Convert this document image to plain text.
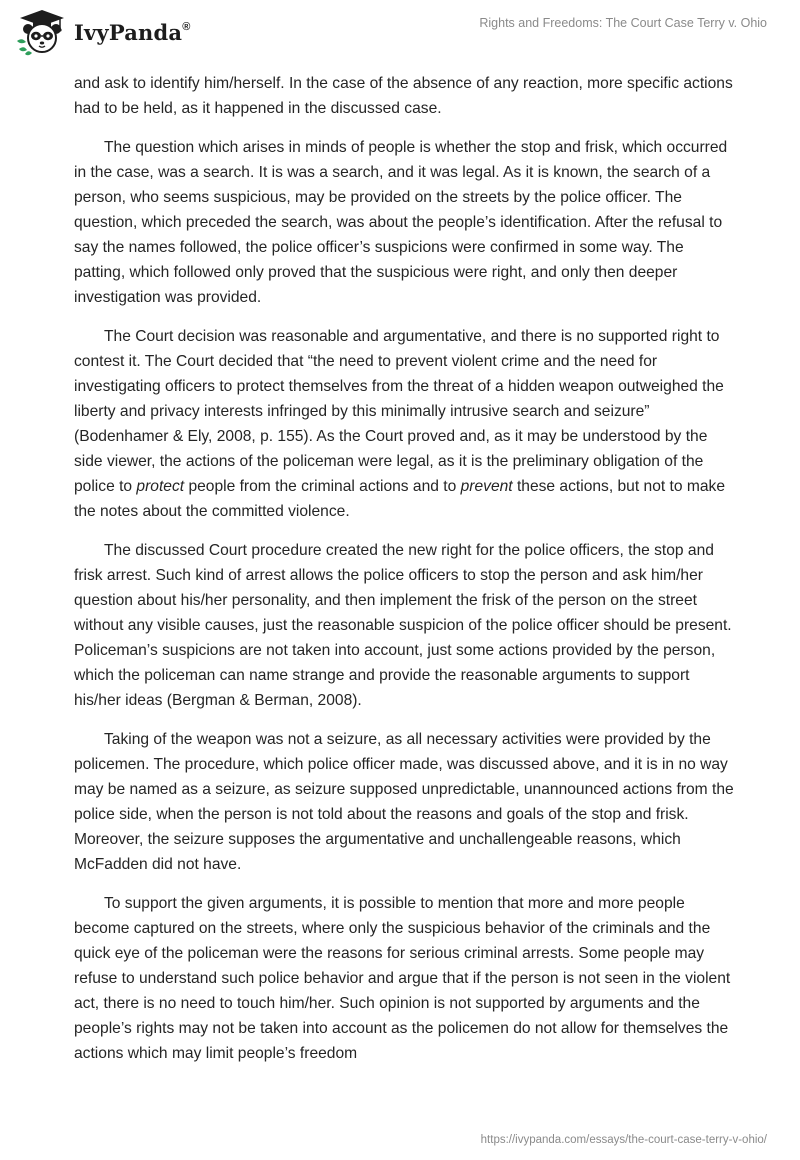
IvyPanda®	Rights and Freedoms: The Court Case Terry v. Ohio

and ask to identify him/herself. In the case of the absence of any reaction, more specific actions had to be held, as it happened in the discussed case.

The question which arises in minds of people is whether the stop and frisk, which occurred in the case, was a search. It is was a search, and it was legal. As it is known, the search of a person, who seems suspicious, may be provided on the streets by the police officer. The question, which preceded the search, was about the people’s identification. After the refusal to say the names followed, the police officer’s suspicions were confirmed in some way. The patting, which followed only proved that the suspicious were right, and only then deeper investigation was provided.

The Court decision was reasonable and argumentative, and there is no supported right to contest it. The Court decided that “the need to prevent violent crime and the need for investigating officers to protect themselves from the threat of a hidden weapon outweighed the liberty and privacy interests infringed by this minimally intrusive search and seizure” (Bodenhamer & Ely, 2008, p. 155). As the Court proved and, as it may be understood by the side viewer, the actions of the policeman were legal, as it is the preliminary obligation of the police to protect people from the criminal actions and to prevent these actions, but not to make the notes about the committed violence.

The discussed Court procedure created the new right for the police officers, the stop and frisk arrest. Such kind of arrest allows the police officers to stop the person and ask him/her question about his/her personality, and then implement the frisk of the person on the street without any visible causes, just the reasonable suspicion of the police officer should be present. Policeman’s suspicions are not taken into account, just some actions provided by the person, which the policeman can name strange and provide the reasonable arguments to support his/her ideas (Bergman & Berman, 2008).

Taking of the weapon was not a seizure, as all necessary activities were provided by the policemen. The procedure, which police officer made, was discussed above, and it is in no way may be named as a seizure, as seizure supposed unpredictable, unannounced actions from the police side, when the person is not told about the reasons and goals of the stop and frisk. Moreover, the seizure supposes the argumentative and unchallengeable reasons, which McFadden did not have.

To support the given arguments, it is possible to mention that more and more people become captured on the streets, where only the suspicious behavior of the criminals and the quick eye of the policeman were the reasons for serious criminal arrests. Some people may refuse to understand such police behavior and argue that if the person is not seen in the violent act, there is no need to touch him/her. Such opinion is not supported by arguments and the people’s rights may not be taken into account as the policemen do not allow for themselves the actions which may limit people’s freedom

https://ivypanda.com/essays/the-court-case-terry-v-ohio/
